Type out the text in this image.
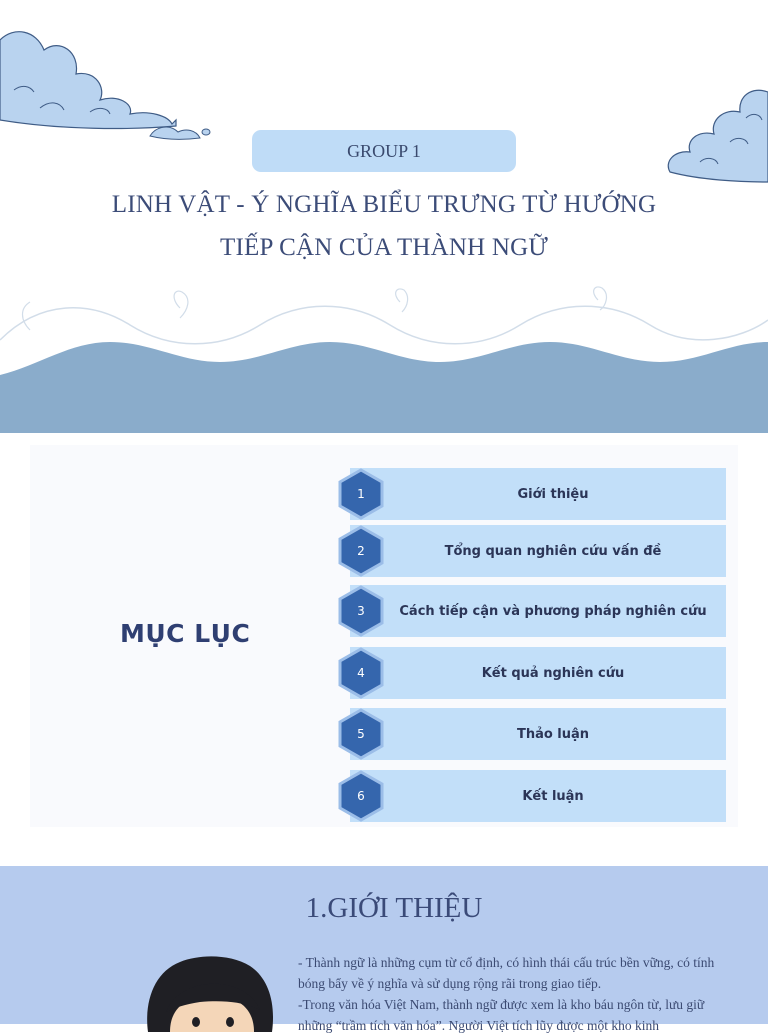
GROUP 1
LINH VẬT - Ý NGHĨA BIỂU TRƯNG TỪ HƯỚNG
TIẾP CẬN CỦA THÀNH NGỮ
MỤC LỤC
Giới thiệu
1
Tổng quan nghiên cứu vấn đề
2
Cách tiếp cận và phương pháp nghiên cứu
3
Kết quả nghiên cứu
4
Thảo luận
5
Kết luận
6
1.GIỚI THIỆU

- Thành ngữ là những cụm từ cố định, có hình thái cấu trúc bền vững, có tính bóng bẩy về ý nghĩa và sử dụng rộng rãi trong giao tiếp.

-Trong văn hóa Việt Nam, thành ngữ được xem là kho báu ngôn từ, lưu giữ những “trầm tích văn hóa”. Người Việt tích lũy được một kho kinh
